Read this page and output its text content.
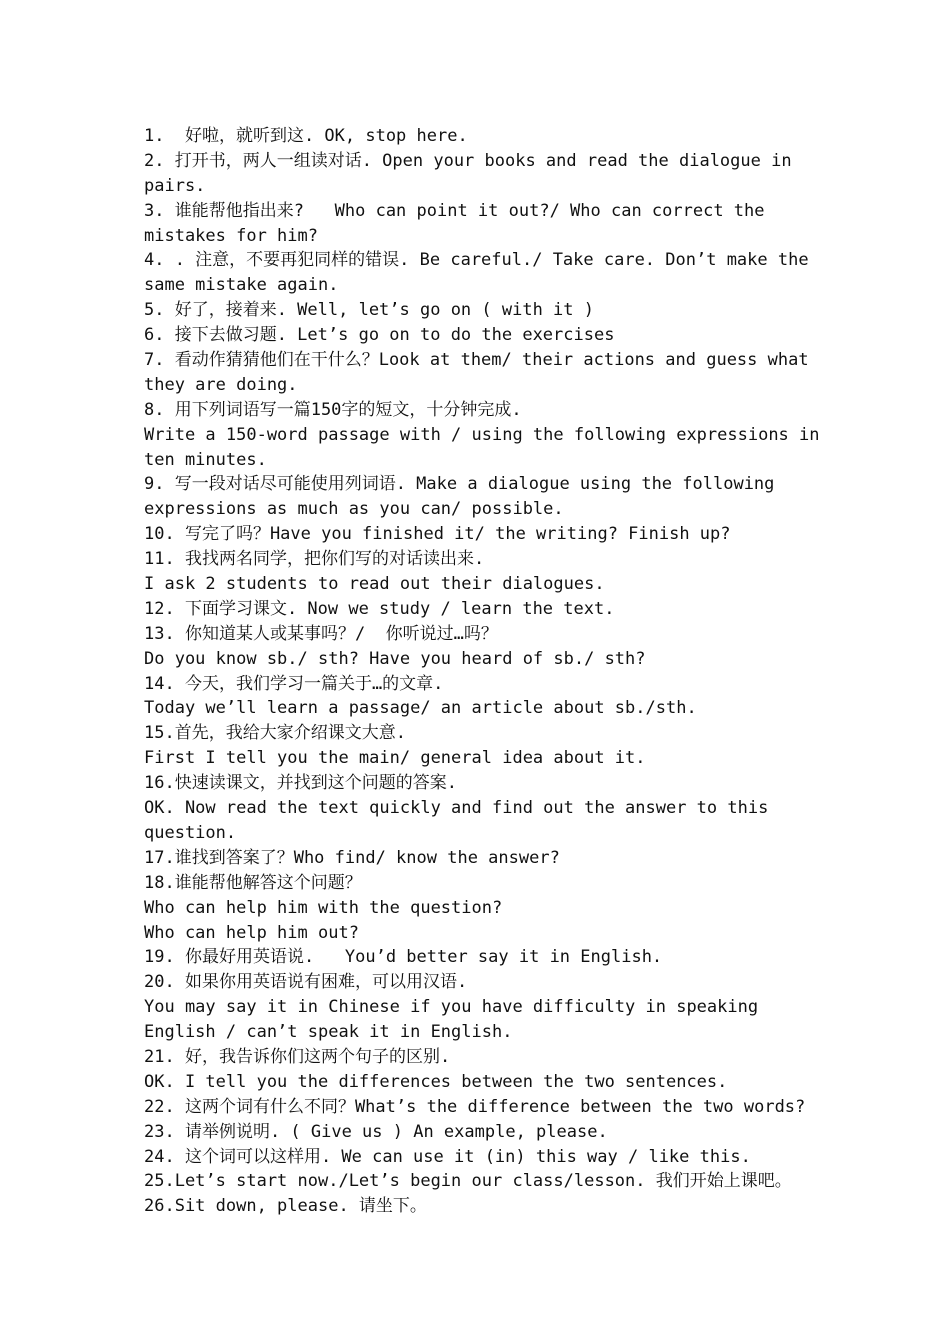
1.  好啦，就听到这. OK, stop here.
2. 打开书，两人一组读对话. Open your books and read the dialogue in
pairs.
3. 谁能帮他指出来?   Who can point it out?/ Who can correct the
mistakes for him?
4. . 注意，不要再犯同样的错误. Be careful./ Take care. Don’t make the
same mistake again.
5. 好了，接着来. Well, let’s go on ( with it )
6. 接下去做习题. Let’s go on to do the exercises
7. 看动作猜猜他们在干什么？Look at them/ their actions and guess what
they are doing.
8. 用下列词语写一篇150字的短文，十分钟完成.
Write a 150-word passage with / using the following expressions in
ten minutes.
9. 写一段对话尽可能使用列词语. Make a dialogue using the following
expressions as much as you can/ possible.
10. 写完了吗？Have you finished it/ the writing? Finish up?
11. 我找两名同学，把你们写的对话读出来.
I ask 2 students to read out their dialogues.
12. 下面学习课文. Now we study / learn the text.
13. 你知道某人或某事吗？/  你听说过…吗？
Do you know sb./ sth? Have you heard of sb./ sth?
14. 今天，我们学习一篇关于…的文章.
Today we’ll learn a passage/ an article about sb./sth.
15.首先，我给大家介绍课文大意.
First I tell you the main/ general idea about it.
16.快速读课文，并找到这个问题的答案.
OK. Now read the text quickly and find out the answer to this
question.
17.谁找到答案了？Who find/ know the answer?
18.谁能帮他解答这个问题？
Who can help him with the question?
Who can help him out?
19. 你最好用英语说.   You’d better say it in English.
20. 如果你用英语说有困难，可以用汉语.
You may say it in Chinese if you have difficulty in speaking
English / can’t speak it in English.
21. 好，我告诉你们这两个句子的区别.
OK. I tell you the differences between the two sentences.
22. 这两个词有什么不同？What’s the difference between the two words?
23. 请举例说明. ( Give us ) An example, please.
24. 这个词可以这样用. We can use it (in) this way / like this.
25.Let’s start now./Let’s begin our class/lesson. 我们开始上课吧。
26.Sit down, please. 请坐下。
